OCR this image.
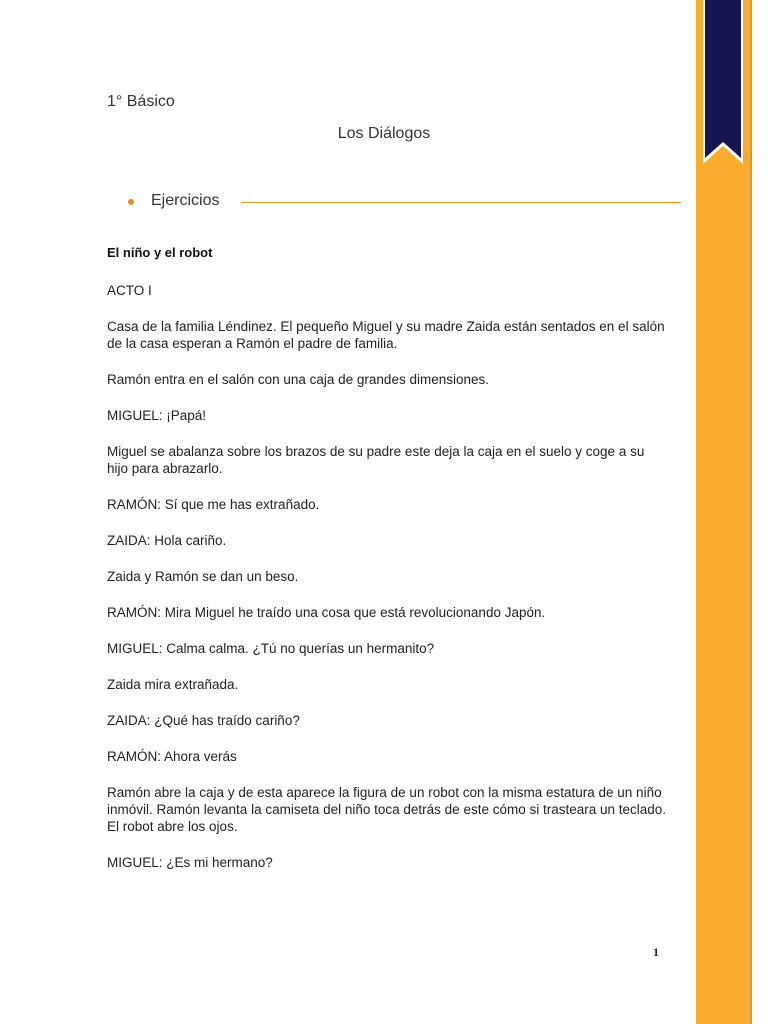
1° Básico
Los Diálogos
Ejercicios
El niño y el robot

ACTO I

Casa de la familia Léndinez. El pequeño Miguel y su madre Zaida están sentados en el salón de la casa esperan a Ramón el padre de familia.

Ramón entra en el salón con una caja de grandes dimensiones.

MIGUEL: ¡Papá!

Miguel se abalanza sobre los brazos de su padre este deja la caja en el suelo y coge a su hijo para abrazarlo.

RAMÓN: Sí que me has extrañado.

ZAIDA: Hola cariño.

Zaida y Ramón se dan un beso.

RAMÓN: Mira Miguel he traído una cosa que está revolucionando Japón.

MIGUEL: Calma calma. ¿Tú no querías un hermanito?

Zaida mira extrañada.

ZAIDA: ¿Qué has traído cariño?

RAMÓN: Ahora verás

Ramón abre la caja y de esta aparece la figura de un robot con la misma estatura de un niño inmóvil. Ramón levanta la camiseta del niño toca detrás de este cómo si trasteara un teclado. El robot abre los ojos.

MIGUEL: ¿Es mi hermano?

1
